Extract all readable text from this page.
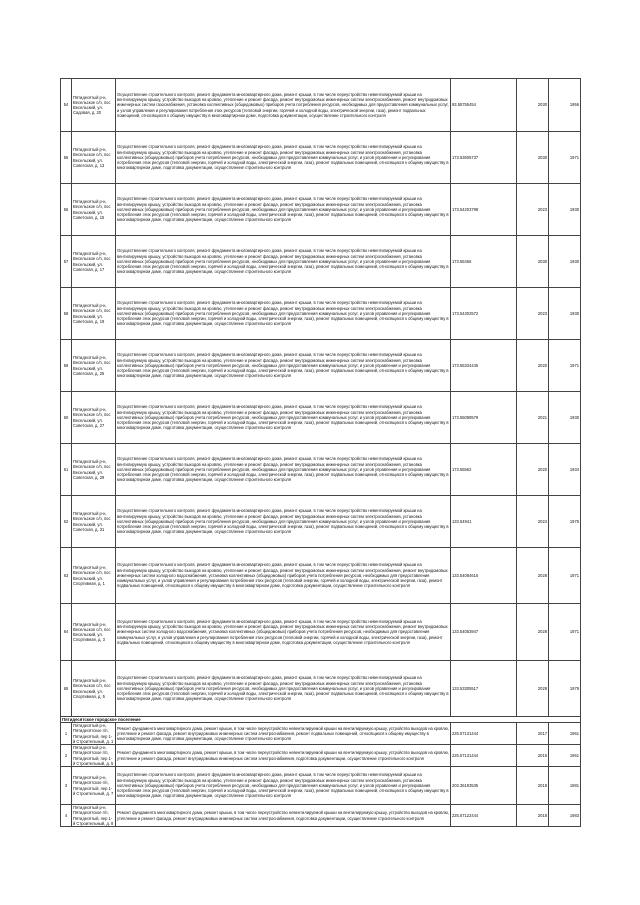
54	Пятидесятый р-н, Весельское с/п, пос Весельский, ул. Садовая, д. 20	Осуществление строительного контроля, ремонт фундамента многоквартирного дома, ремонт крыши, в том числе переустройство невентилируемой крыши на вентилируемую крышу, устройство выходов на кровлю, утепление и ремонт фасада, ремонт внутридомовых инженерных систем электроснабжения, ремонт внутридомовых инженерных систем газоснабжения, установка коллективных (общедомовых) приборов учета потребления ресурсов, необходимых для предоставления коммунальных услуг, и узлов управления и регулирования потребления этих ресурсов (тепловой энергии, горячей и холодной воды, электрической энергии, газа), ремонт подвальных помещений, относящихся к общему имуществу в многоквартирном доме, подготовка документации, осуществление строительного контроля	93.55755454	2030	1956
55	Пятидесятый р-н, Весельское с/п, пос Весельский, ул. Советская, д. 13	Осуществление строительного контроля, ремонт фундамента многоквартирного дома, ремонт крыши, в том числе переустройство невентилируемой крыши на вентилируемую крышу, устройство выходов на кровлю, утепление и ремонт фасада, ремонт внутридомовых инженерных систем электроснабжения, установка коллективных (общедомовых) приборов учета потребления ресурсов, необходимых для предоставления коммунальных услуг, и узлов управления и регулирования потребления этих ресурсов (тепловой энергии, горячей и холодной воды, электрической энергии, газа), ремонт подвальных помещений, относящихся к общему имуществу в многоквартирном доме, подготовка документации, осуществление строительного контроля	173.53605737	2030	1971
56	Пятидесятый р-н, Весельское с/п, пос Весельский, ул. Советская, д. 15	Осуществление строительного контроля, ремонт фундамента многоквартирного дома, ремонт крыши, в том числе переустройство невентилируемой крыши на вентилируемую крышу, устройство выходов на кровлю, утепление и ремонт фасада, ремонт внутридомовых инженерных систем электроснабжения, установка коллективных (общедомовых) приборов учета потребления ресурсов, необходимых для предоставления коммунальных услуг, и узлов управления и регулирования потребления этих ресурсов (тепловой энергии, горячей и холодной воды, электрической энергии, газа), ремонт подвальных помещений, относящихся к общему имуществу в многоквартирном доме, подготовка документации, осуществление строительного контроля	173.54203798	2023	1930
57	Пятидесятый р-н, Весельское с/п, пос Весельский, ул. Советская, д. 17	Осуществление строительного контроля, ремонт фундамента многоквартирного дома, ремонт крыши, в том числе переустройство невентилируемой крыши на вентилируемую крышу, устройство выходов на кровлю, утепление и ремонт фасада, ремонт внутридомовых инженерных систем электроснабжения, установка коллективных (общедомовых) приборов учета потребления ресурсов, необходимых для предоставления коммунальных услуг, и узлов управления и регулирования потребления этих ресурсов (тепловой энергии, горячей и холодной воды, электрической энергии, газа), ремонт подвальных помещений, относящихся к общему имуществу в многоквартирном доме, подготовка документации, осуществление строительного контроля	173.55466	2030	1930
58	Пятидесятый р-н, Весельское с/п, пос Весельский, ул. Советская, д. 19	Осуществление строительного контроля, ремонт фундамента многоквартирного дома, ремонт крыши, в том числе переустройство невентилируемой крыши на вентилируемую крышу, устройство выходов на кровлю, утепление и ремонт фасада, ремонт внутридомовых инженерных систем электроснабжения, установка коллективных (общедомовых) приборов учета потребления ресурсов, необходимых для предоставления коммунальных услуг, и узлов управления и регулирования потребления этих ресурсов (тепловой энергии, горячей и холодной воды, электрической энергии, газа), ремонт подвальных помещений, относящихся к общему имуществу в многоквартирном доме, подготовка документации, осуществление строительного контроля	173.54302572	2023	1930
59	Пятидесятый р-н, Весельское с/п, пос Весельский, ул. Советская, д. 25	Осуществление строительного контроля, ремонт фундамента многоквартирного дома, ремонт крыши, в том числе переустройство невентилируемой крыши на вентилируемую крышу, устройство выходов на кровлю, утепление и ремонт фасада, ремонт внутридомовых инженерных систем электроснабжения, установка коллективных (общедомовых) приборов учета потребления ресурсов, необходимых для предоставления коммунальных услуг, и узлов управления и регулирования потребления этих ресурсов (тепловой энергии, горячей и холодной воды, электрической энергии, газа), ремонт подвальных помещений, относящихся к общему имуществу в многоквартирном доме, подготовка документации, осуществление строительного контроля	173.55334445	2020	1971
60	Пятидесятый р-н, Весельское с/п, пос Весельский, ул. Советская, д. 27	Осуществление строительного контроля, ремонт фундамента многоквартирного дома, ремонт крыши, в том числе переустройство невентилируемой крыши на вентилируемую крышу, устройство выходов на кровлю, утепление и ремонт фасада, ремонт внутридомовых инженерных систем электроснабжения, установка коллективных (общедомовых) приборов учета потребления ресурсов, необходимых для предоставления коммунальных услуг, и узлов управления и регулирования потребления этих ресурсов (тепловой энергии, горячей и холодной воды, электрической энергии, газа), ремонт подвальных помещений, относящихся к общему имуществу в многоквартирном доме, подготовка документации, осуществление строительного контроля	173.55098579	2021	1930
61	Пятидесятый р-н, Весельское с/п, пос Весельский, ул. Советская, д. 29	Осуществление строительного контроля, ремонт фундамента многоквартирного дома, ремонт крыши, в том числе переустройство невентилируемой крыши на вентилируемую крышу, устройство выходов на кровлю, утепление и ремонт фасада, ремонт внутридомовых инженерных систем электроснабжения, установка коллективных (общедомовых) приборов учета потребления ресурсов, необходимых для предоставления коммунальных услуг, и узлов управления и регулирования потребления этих ресурсов (тепловой энергии, горячей и холодной воды, электрической энергии, газа), ремонт подвальных помещений, относящихся к общему имуществу в многоквартирном доме, подготовка документации, осуществление строительного контроля	173.55562	2020	1934
62	Пятидесятый р-н, Весельское с/п, пос Весельский, ул. Советская, д. 31	Осуществление строительного контроля, ремонт фундамента многоквартирного дома, ремонт крыши, в том числе переустройство невентилируемой крыши на вентилируемую крышу, устройство выходов на кровлю, утепление и ремонт фасада, ремонт внутридомовых инженерных систем электроснабжения, установка коллективных (общедомовых) приборов учета потребления ресурсов, необходимых для предоставления коммунальных услуг, и узлов управления и регулирования потребления этих ресурсов (тепловой энергии, горячей и холодной воды, электрической энергии, газа), ремонт подвальных помещений, относящихся к общему имуществу в многоквартирном доме, подготовка документации, осуществление строительного контроля	133.54941	2024	1975
63	Пятидесятый р-н, Весельское с/п, пос Весельский, ул. Спортивная, д. 1	Осуществление строительного контроля, ремонт фундамента многоквартирного дома, ремонт крыши, в том числе переустройство невентилируемой крыши на вентилируемую крышу, устройство выходов на кровлю, утепление и ремонт фасада, ремонт внутридомовых инженерных систем электроснабжения, ремонт внутридомовых инженерных систем холодного водоснабжения, установка коллективных (общедомовых) приборов учета потребления ресурсов, необходимых для предоставления коммунальных услуг, и узлов управления и регулирования потребления этих ресурсов (тепловой энергии, горячей и холодной воды, электрической энергии, газа), ремонт подвальных помещений, относящихся к общему имуществу в многоквартирном доме, подготовка документации, осуществление строительного контроля	133.54084616	2028	1971
64	Пятидесятый р-н, Весельское с/п, пос Весельский, ул. Спортивная, д. 3	Осуществление строительного контроля, ремонт фундамента многоквартирного дома, ремонт крыши, в том числе переустройство невентилируемой крыши на вентилируемую крышу, устройство выходов на кровлю, утепление и ремонт фасада, ремонт внутридомовых инженерных систем электроснабжения, ремонт внутридомовых инженерных систем холодного водоснабжения, установка коллективных (общедомовых) приборов учета потребления ресурсов, необходимых для предоставления коммунальных услуг, и узлов управления и регулирования потребления этих ресурсов (тепловой энергии, горячей и холодной воды, электрической энергии, газа), ремонт подвальных помещений, относящихся к общему имуществу в многоквартирном доме, подготовка документации, осуществление строительного контроля	133.54053947	2028	1971
65	Пятидесятый р-н, Весельское с/п, пос Весельский, ул. Спортивная, д. 5	Осуществление строительного контроля, ремонт фундамента многоквартирного дома, ремонт крыши, в том числе переустройство невентилируемой крыши на вентилируемую крышу, устройство выходов на кровлю, утепление и ремонт фасада, ремонт внутридомовых инженерных систем электроснабжения, установка коллективных (общедомовых) приборов учета потребления ресурсов, необходимых для предоставления коммунальных услуг, и узлов управления и регулирования потребления этих ресурсов (тепловой энергии, горячей и холодной воды, электрической энергии, газа), ремонт подвальных помещений, относящихся к общему имуществу в многоквартирном доме, подготовка документации, осуществление строительного контроля	133.53305517	2029	1979
Пятидесятское городское поселение					
1	Пятидесятый р-н, Пятидесятское г/п, Пятидесятый, пер 1-й Строительный, д. 1	Ремонт фундамента многоквартирного дома, ремонт крыши, в том числе переустройство невентилируемой крыши на вентилируемую крышу, устройство выходов на кровлю, утепление и ремонт фасада, ремонт внутридомовых инженерных систем электроснабжения, ремонт подвальных помещений, относящихся к общему имуществу в многоквартирном доме, подготовка документации, осуществление строительного контроля	225.57131444	2017	1961
2	Пятидесятый р-н, Пятидесятское г/п, Пятидесятый, пер 1-й Строительный, д. 5	Ремонт фундамента многоквартирного дома, ремонт крыши, в том числе переустройство невентилируемой крыши на вентилируемую крышу, устройство выходов на кровлю, утепление и ремонт фасада, ремонт внутридомовых инженерных систем электроснабжения, подготовка документации, осуществление строительного контроля	225.57131444	2016	1961
3	Пятидесятый р-н, Пятидесятское г/п, Пятидесятый, пер 1-й Строительный, д. 7	Осуществление строительного контроля, ремонт фундамента многоквартирного дома, ремонт крыши, в том числе переустройство невентилируемой крыши на вентилируемую крышу, устройство выходов на кровлю, утепление и ремонт фасада, ремонт внутридомовых инженерных систем электроснабжения, установка коллективных (общедомовых) приборов учета потребления ресурсов, необходимых для предоставления коммунальных услуг, и узлов управления и регулирования потребления этих ресурсов (тепловой энергии, горячей и холодной воды, электрической энергии, газа), ремонт подвальных помещений, относящихся к общему имуществу в многоквартирном доме, подготовка документации, осуществление строительного контроля	203.36193535	2019	1981
4	Пятидесятый р-н, Пятидесятское г/п, Пятидесятый, пер 1-й Строительный, д. 8	Ремонт фундамента многоквартирного дома, ремонт крыши, в том числе переустройство невентилируемой крыши на вентилируемую крышу, устройство выходов на кровлю, утепление и ремонт фасада, ремонт внутридомовых инженерных систем электроснабжения, подготовка документации, осуществление строительного контроля	225.57122444	2018	1983
